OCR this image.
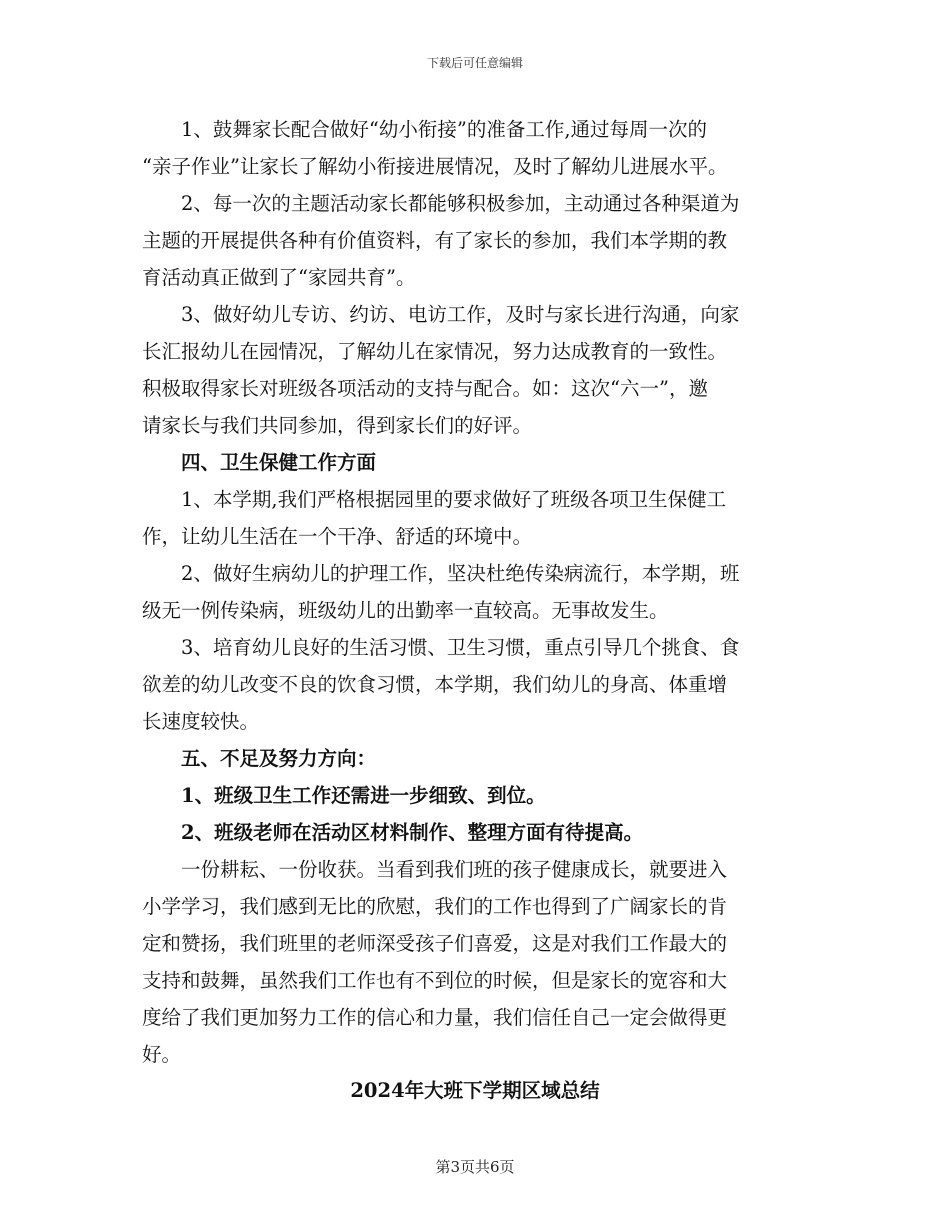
下载后可任意编辑
1、鼓舞家长配合做好“幼小衔接”的准备工作,通过每周一次的
“亲子作业”让家长了解幼小衔接进展情况，及时了解幼儿进展水平。
2、每一次的主题活动家长都能够积极参加，主动通过各种渠道为
主题的开展提供各种有价值资料，有了家长的参加，我们本学期的教
育活动真正做到了“家园共育”。
3、做好幼儿专访、约访、电访工作，及时与家长进行沟通，向家
长汇报幼儿在园情况，了解幼儿在家情况，努力达成教育的一致性。
积极取得家长对班级各项活动的支持与配合。如：这次“六一”，邀
请家长与我们共同参加，得到家长们的好评。
四、卫生保健工作方面
1、本学期,我们严格根据园里的要求做好了班级各项卫生保健工
作，让幼儿生活在一个干净、舒适的环境中。
2、做好生病幼儿的护理工作，坚决杜绝传染病流行，本学期，班
级无一例传染病，班级幼儿的出勤率一直较高。无事故发生。
3、培育幼儿良好的生活习惯、卫生习惯，重点引导几个挑食、食
欲差的幼儿改变不良的饮食习惯，本学期，我们幼儿的身高、体重增
长速度较快。
五、不足及努力方向：
1、班级卫生工作还需进一步细致、到位。
2、班级老师在活动区材料制作、整理方面有待提高。
一份耕耘、一份收获。当看到我们班的孩子健康成长，就要进入
小学学习，我们感到无比的欣慰，我们的工作也得到了广阔家长的肯
定和赞扬，我们班里的老师深受孩子们喜爱，这是对我们工作最大的
支持和鼓舞，虽然我们工作也有不到位的时候，但是家长的宽容和大
度给了我们更加努力工作的信心和力量，我们信任自己一定会做得更
好。
2024年大班下学期区域总结
第3页共6页
